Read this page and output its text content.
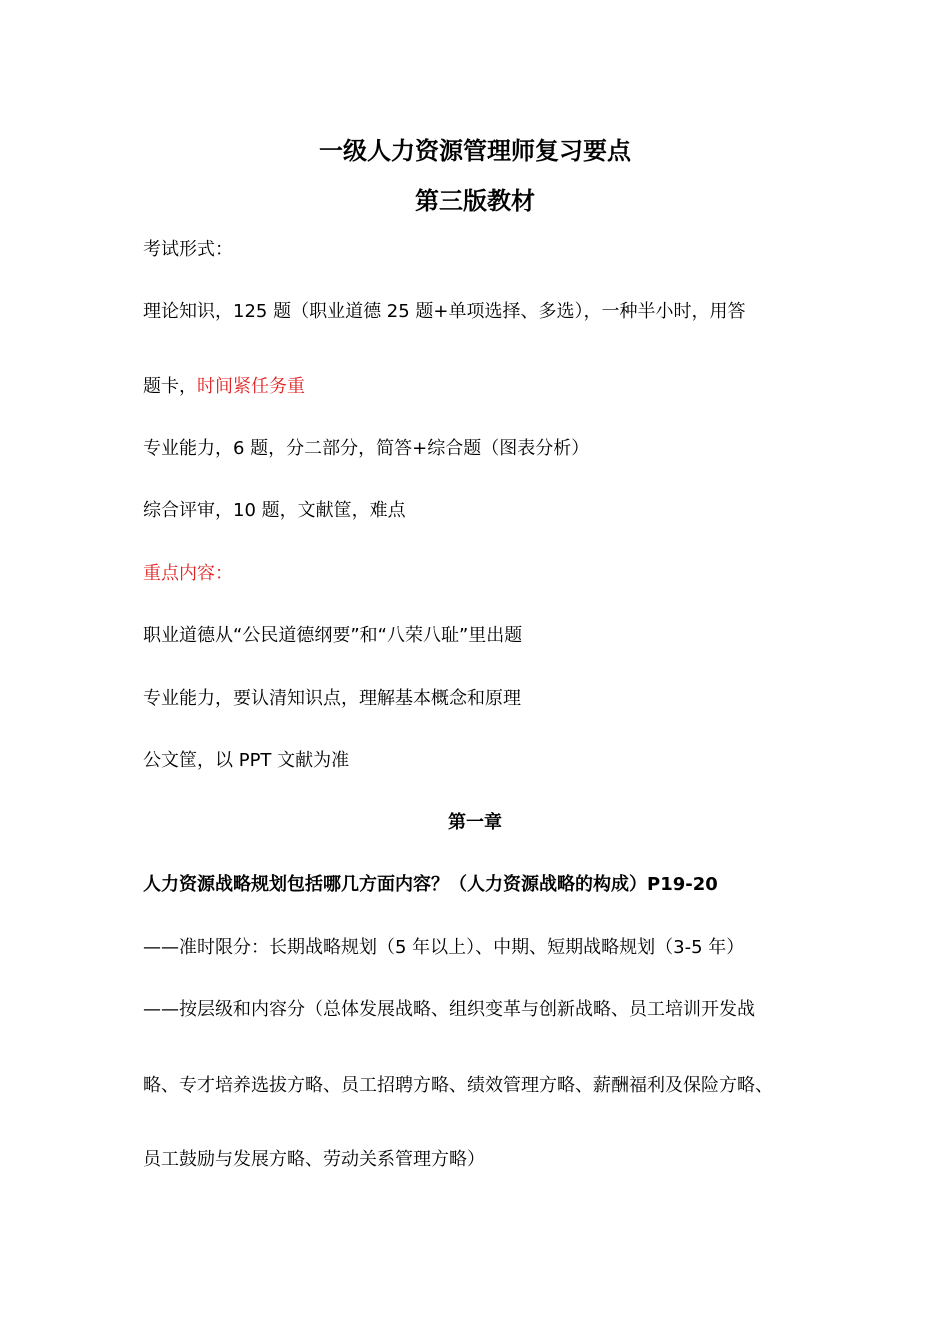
一级人力资源管理师复习要点
第三版教材
考试形式：
理论知识，125 题（职业道德 25 题+单项选择、多选），一种半小时，用答
题卡，时间紧任务重
专业能力，6 题，分二部分，简答+综合题（图表分析）
综合评审，10 题，文献筐，难点
重点内容：
职业道德从“公民道德纲要”和“八荣八耻”里出题
专业能力，要认清知识点，理解基本概念和原理
公文筐，以 PPT 文献为准
第一章
人力资源战略规划包括哪几方面内容？（人力资源战略的构成）P19-20
——准时限分：长期战略规划（5 年以上）、中期、短期战略规划（3-5 年）
——按层级和内容分（总体发展战略、组织变革与创新战略、员工培训开发战
略、专才培养选拔方略、员工招聘方略、绩效管理方略、薪酬福利及保险方略、
员工鼓励与发展方略、劳动关系管理方略）
